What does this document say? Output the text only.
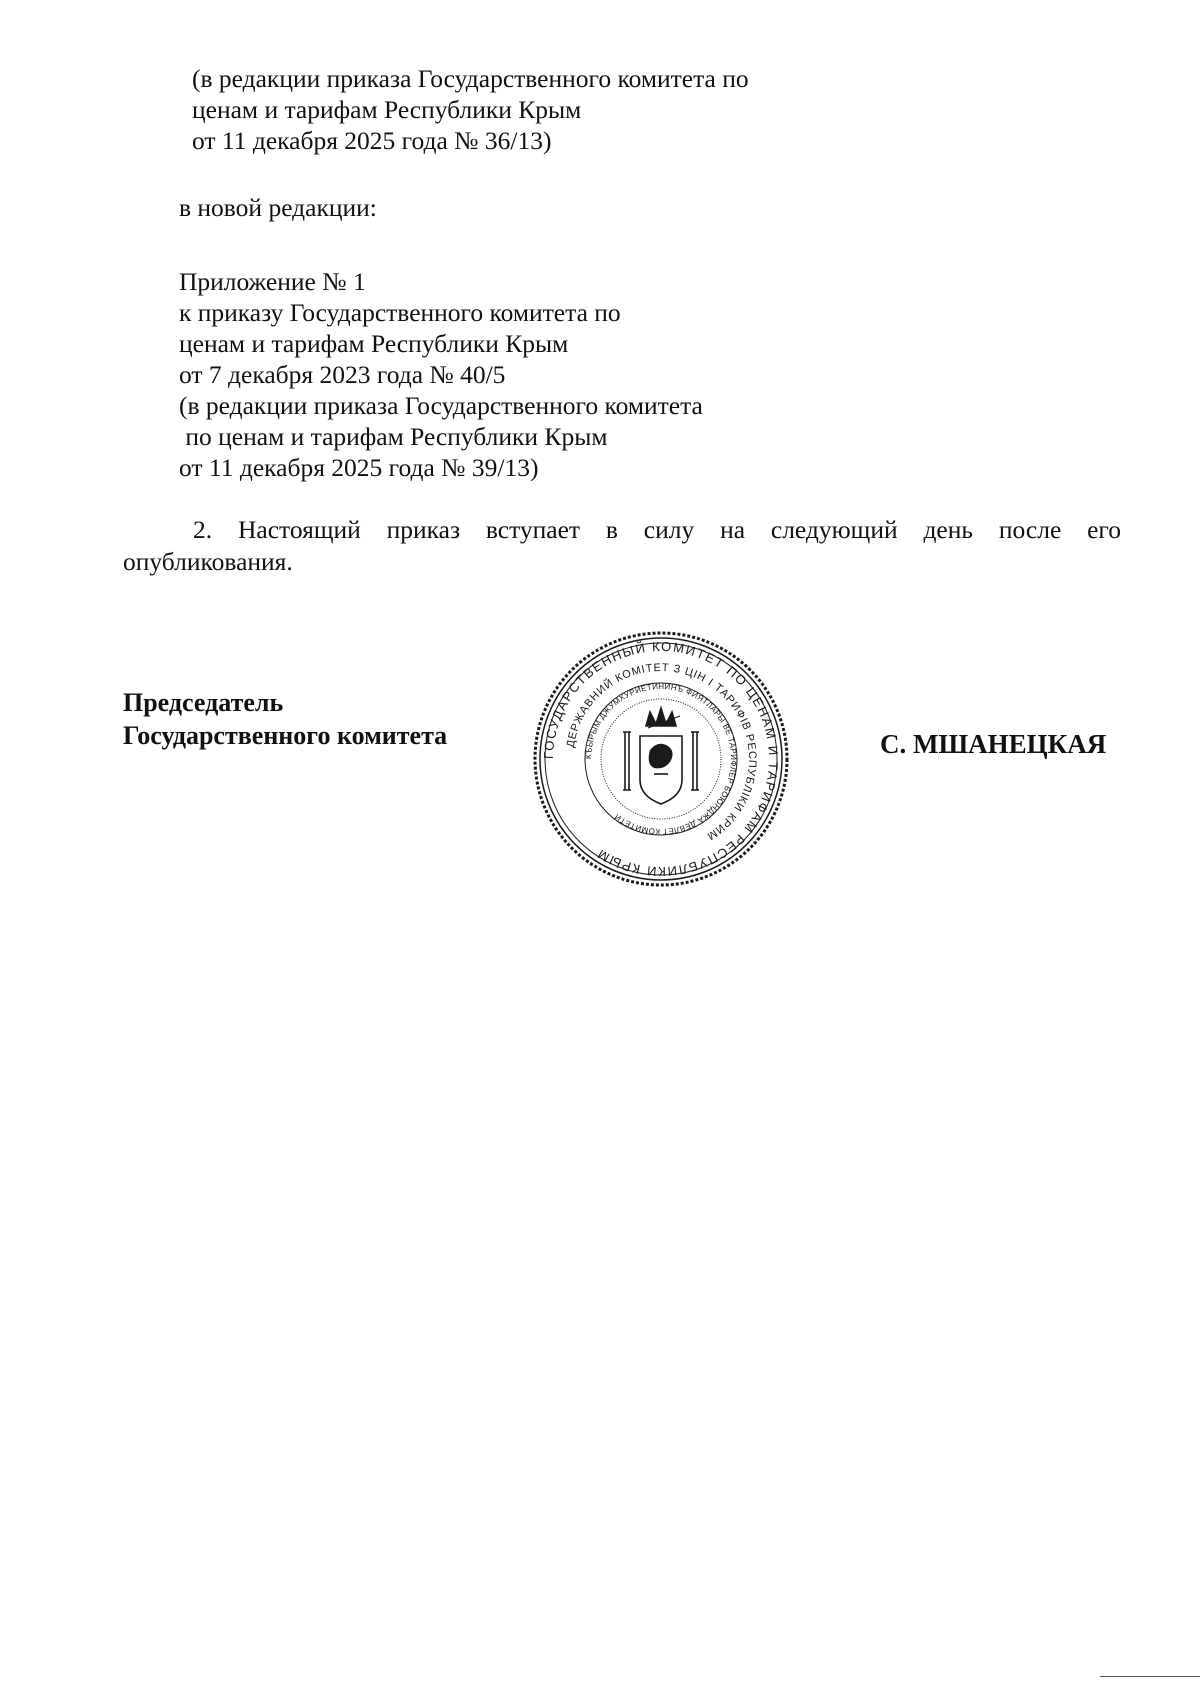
(в редакции приказа Государственного комитета по
ценам и тарифам Республики Крым
от 11 декабря 2025 года № 36/13)
в новой редакции:
Приложение № 1
к приказу Государственного комитета по
ценам и тарифам Республики Крым
от 7 декабря 2023 года № 40/5
(в редакции приказа Государственного комитета
по ценам и тарифам Республики Крым
от 11 декабря 2025 года № 39/13)
2. Настоящий приказ вступает в силу на следующий день после его
опубликования.
Председатель
Государственного комитета
ГОСУДАРСТВЕННЫЙ КОМИТЕТ ПО ЦЕНАМ И ТАРИФАМ РЕСПУБЛИКИ КРЫМ
ДЕРЖАВНИЙ КОМІТЕТ З ЦІН І ТАРИФІВ РЕСПУБЛІКИ КРИМ
КЪЫРЫМ ДЖУМХУРИЕТИНИНЪ ФИЯТЛАРЫ ВЕ ТАРИФЛЕР БОЮНДЖА ДЕВЛЕТ КОМИТЕТИ
С. МШАНЕЦКАЯ
